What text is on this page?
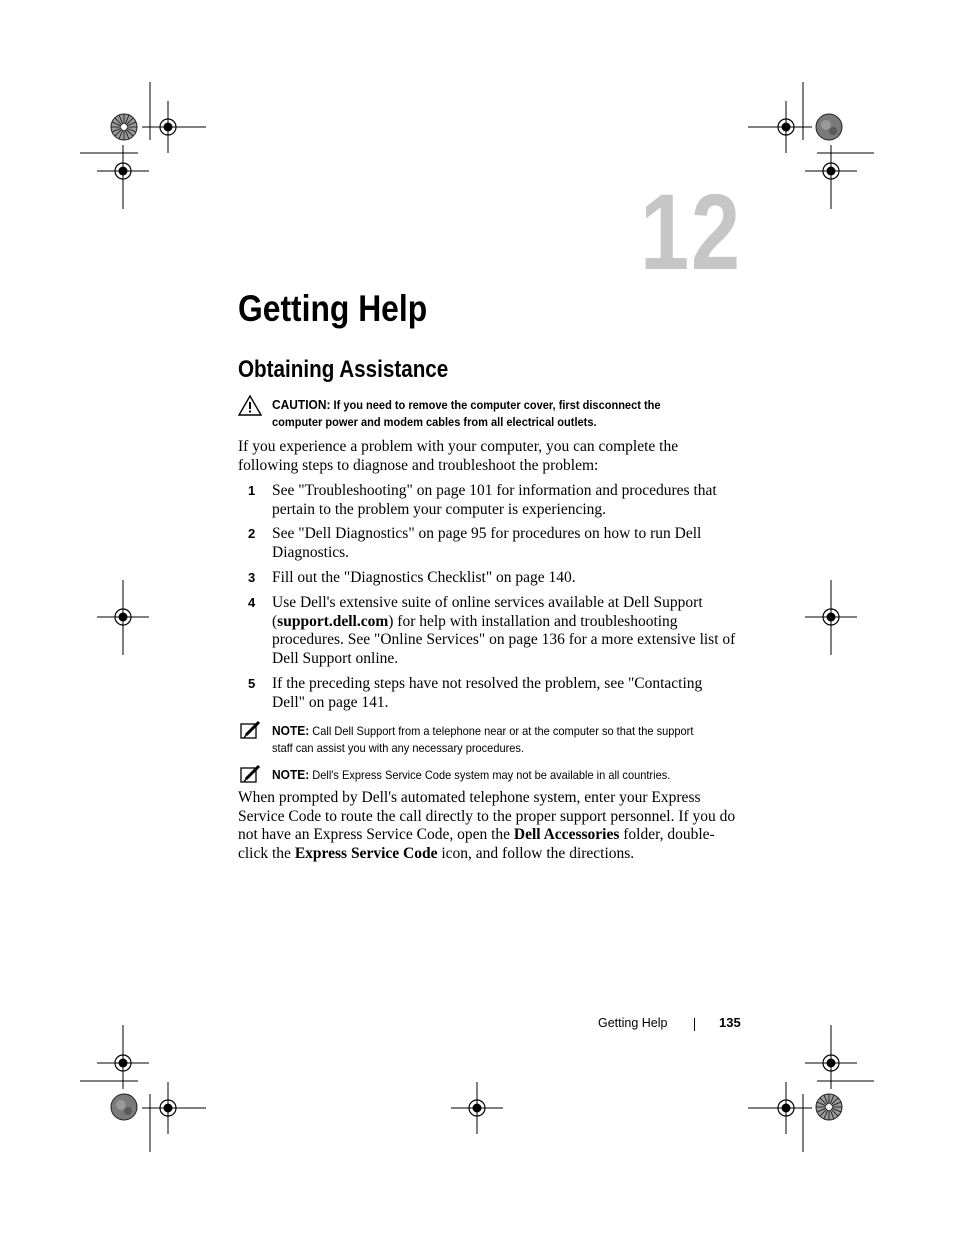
12
Getting Help
Obtaining Assistance
CAUTION: If you need to remove the computer cover, first disconnect the computer power and modem cables from all electrical outlets.

If you experience a problem with your computer, you can complete the following steps to diagnose and troubleshoot the problem:

1 See "Troubleshooting" on page 101 for information and procedures that pertain to the problem your computer is experiencing.
2 See "Dell Diagnostics" on page 95 for procedures on how to run Dell Diagnostics.
3 Fill out the "Diagnostics Checklist" on page 140.
4 Use Dell's extensive suite of online services available at Dell Support (support.dell.com) for help with installation and troubleshooting procedures. See "Online Services" on page 136 for a more extensive list of Dell Support online.
5 If the preceding steps have not resolved the problem, see "Contacting Dell" on page 141.
NOTE: Call Dell Support from a telephone near or at the computer so that the support staff can assist you with any necessary procedures.
NOTE: Dell's Express Service Code system may not be available in all countries.

When prompted by Dell's automated telephone system, enter your Express Service Code to route the call directly to the proper support personnel. If you do not have an Express Service Code, open the Dell Accessories folder, double-click the Express Service Code icon, and follow the directions.

Getting Help	135
